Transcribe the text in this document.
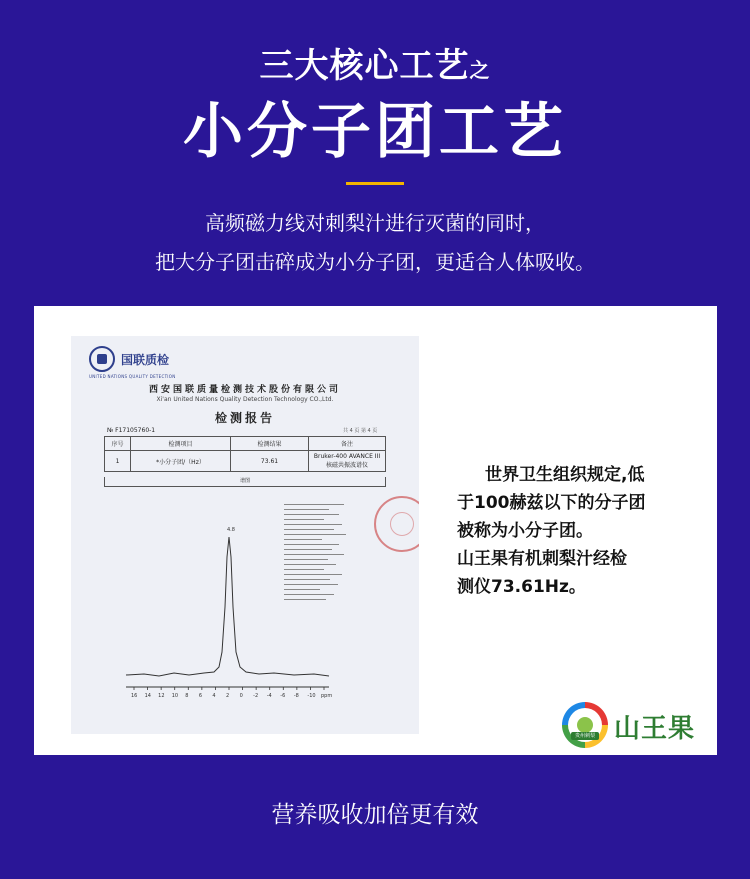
三大核心工艺之
小分子团工艺
高频磁力线对刺梨汁进行灭菌的同时，
把大分子团击碎成为小分子团，更适合人体吸收。
国联质检
UNITED NATIONS QUALITY DETECTION
西安国联质量检测技术股份有限公司
Xi'an United Nations Quality Detection Technology CO.,Ltd.
检测报告
№ F17105760-1	共 4 页 第 4 页
序号	检测项目	检测结果	备注
1	*小分子团/（Hz）	73.61	Bruker-400 AVANCE III 核磁共振波谱仪
谱图
16 14 12 10 8 6 4 2 0 -2 -4 -6 -8 -10 ppm
4.8
世界卫生组织规定,低
于100赫兹以下的分子团
被称为小分子团。
山王果有机刺梨汁经检
测仪73.61Hz。
贵州刺梨 山王果
营养吸收加倍更有效
